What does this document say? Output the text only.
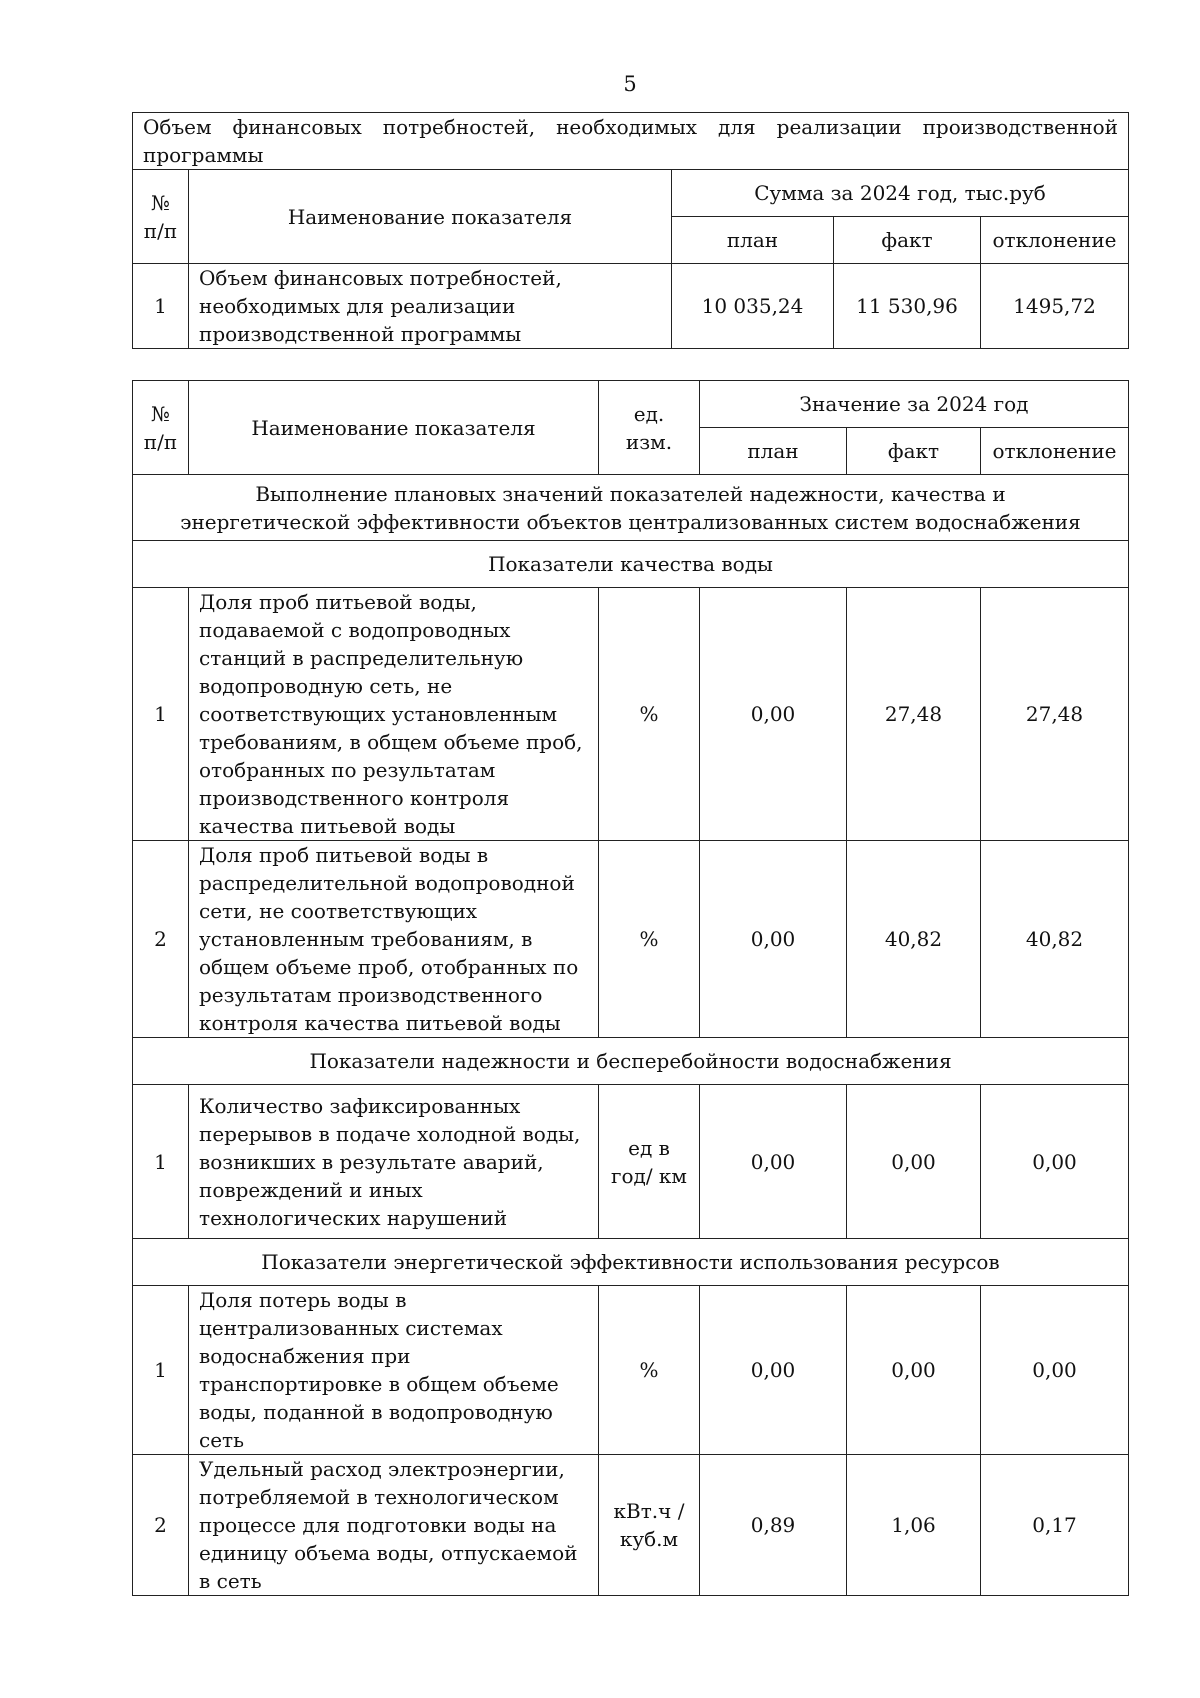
5
Объем финансовых потребностей, необходимых для реализации производственной
программы				

№ п/п	Наименование показателя	Сумма за 2024 год, тыс.руб		
		план	факт	отклонение
1	Объем финансовых потребностей, необходимых для реализации производственной программы	10 035,24	11 530,96	1495,72
№ п/п	Наименование показателя	ед. изм.	Значение за 2024 год		
			план	факт	отклонение
Выполнение плановых значений показателей надежности, качества и энергетической эффективности объектов централизованных систем водоснабжения					
Показатели качества воды					
1	Доля проб питьевой воды, подаваемой с водопроводных станций в распределительную водопроводную сеть, не соответствующих установленным требованиям, в общем объеме проб, отобранных по результатам производственного контроля качества питьевой воды	%	0,00	27,48	27,48
2	Доля проб питьевой воды в распределительной водопроводной сети, не соответствующих установленным требованиям, в общем объеме проб, отобранных по результатам производственного контроля качества питьевой воды	%	0,00	40,82	40,82
Показатели надежности и бесперебойности водоснабжения					
1	Количество зафиксированных перерывов в подаче холодной воды, возникших в результате аварий, повреждений и иных технологических нарушений	ед в год/ км	0,00	0,00	0,00
Показатели энергетической эффективности использования ресурсов					
1	Доля потерь воды в централизованных системах водоснабжения при транспортировке в общем объеме воды, поданной в водопроводную сеть	%	0,00	0,00	0,00
2	Удельный расход электроэнергии, потребляемой в технологическом процессе для подготовки воды на единицу объема воды, отпускаемой в сеть	кВт.ч / куб.м	0,89	1,06	0,17
